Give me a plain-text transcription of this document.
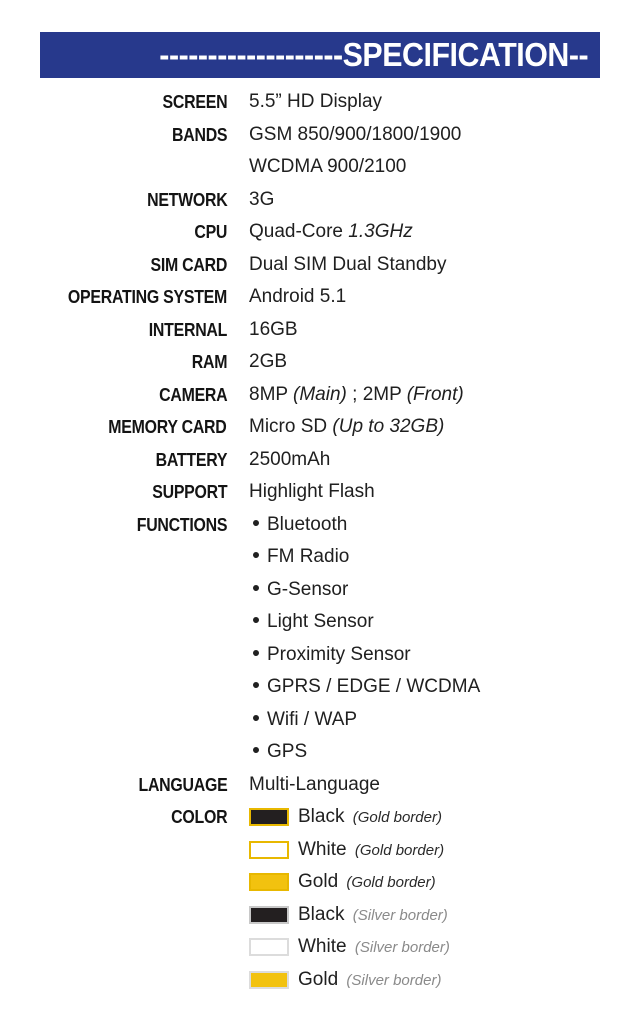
-------------------SPECIFICATION--
SCREEN 5.5” HD Display
BANDS GSM 850/900/1800/1900
WCDMA 900/2100
NETWORK 3G
CPU Quad-Core 1.3GHz
SIM CARD Dual SIM Dual Standby
OPERATING SYSTEM Android 5.1
INTERNAL 16GB
RAM 2GB
CAMERA 8MP (Main) ; 2MP (Front)
MEMORY CARD Micro SD (Up to 32GB)
BATTERY 2500mAh
SUPPORT Highlight Flash
FUNCTIONS	Bluetooth
FM Radio
G-Sensor
Light Sensor
Proximity Sensor
GPRS / EDGE / WCDMA
Wifi / WAP
GPS
LANGUAGE Multi-Language
COLOR	Black (Gold border)
White (Gold border)
Gold (Gold border)
Black (Silver border)
White (Silver border)
Gold (Silver border)
